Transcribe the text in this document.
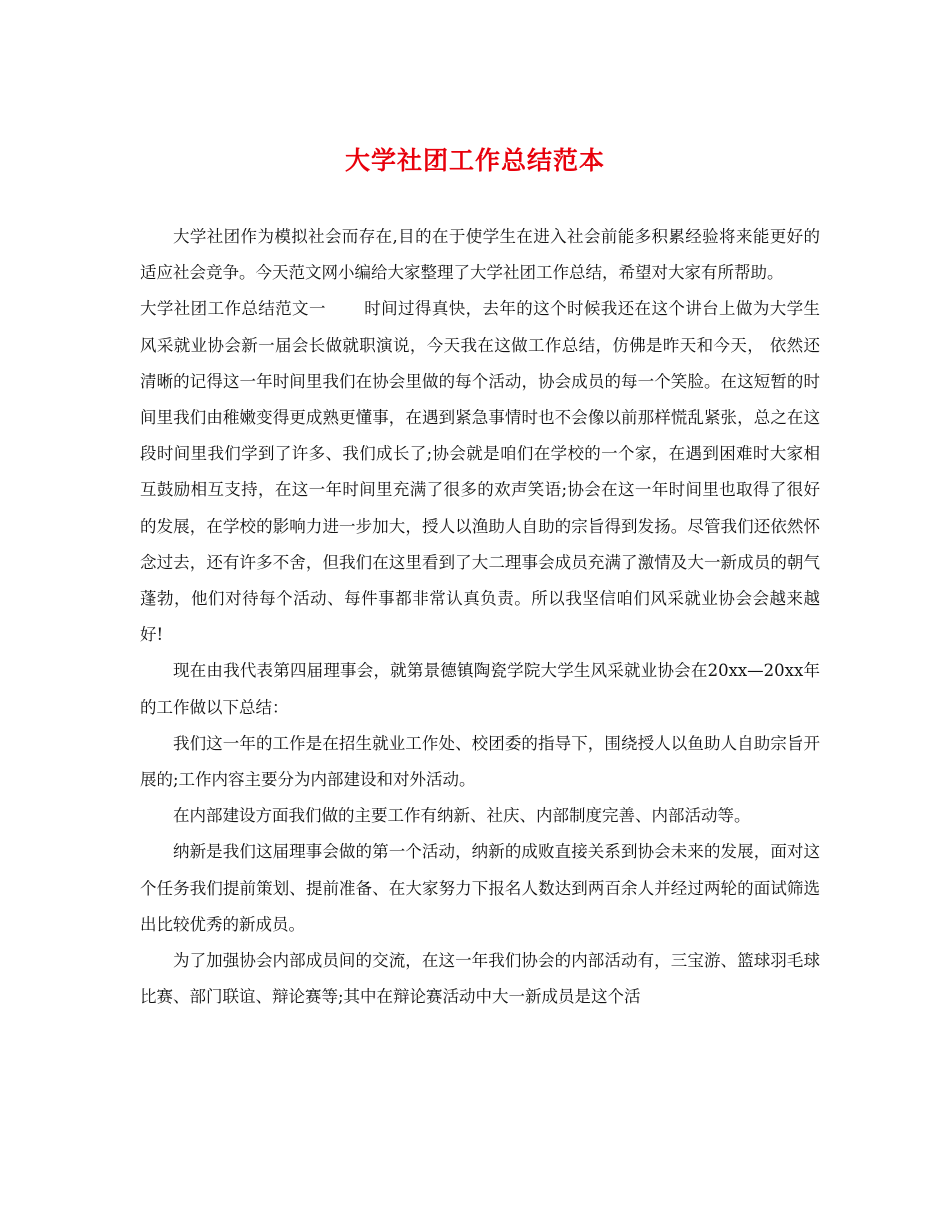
大学社团工作总结范本

大学社团作为模拟社会而存在,目的在于使学生在进入社会前能多积累经验将来能更好的适应社会竞争。今天范文网小编给大家整理了大学社团工作总结，希望对大家有所帮助。

大学社团工作总结范文一 时间过得真快，去年的这个时候我还在这个讲台上做为大学生风采就业协会新一届会长做就职演说，今天我在这做工作总结，仿佛是昨天和今天， 依然还清晰的记得这一年时间里我们在协会里做的每个活动，协会成员的每一个笑脸。在这短暂的时间里我们由稚嫩变得更成熟更懂事，在遇到紧急事情时也不会像以前那样慌乱紧张，总之在这段时间里我们学到了许多、我们成长了;协会就是咱们在学校的一个家，在遇到困难时大家相互鼓励相互支持，在这一年时间里充满了很多的欢声笑语;协会在这一年时间里也取得了很好的发展，在学校的影响力进一步加大，授人以渔助人自助的宗旨得到发扬。尽管我们还依然怀念过去，还有许多不舍，但我们在这里看到了大二理事会成员充满了激情及大一新成员的朝气蓬勃，他们对待每个活动、每件事都非常认真负责。所以我坚信咱们风采就业协会会越来越好!

现在由我代表第四届理事会，就第景德镇陶瓷学院大学生风采就业协会在20xx—20xx年的工作做以下总结：

我们这一年的工作是在招生就业工作处、校团委的指导下，围绕授人以鱼助人自助宗旨开展的;工作内容主要分为内部建设和对外活动。

在内部建设方面我们做的主要工作有纳新、社庆、内部制度完善、内部活动等。

纳新是我们这届理事会做的第一个活动，纳新的成败直接关系到协会未来的发展，面对这个任务我们提前策划、提前准备、在大家努力下报名人数达到两百余人并经过两轮的面试筛选出比较优秀的新成员。

为了加强协会内部成员间的交流，在这一年我们协会的内部活动有，三宝游、篮球羽毛球比赛、部门联谊、辩论赛等;其中在辩论赛活动中大一新成员是这个活
